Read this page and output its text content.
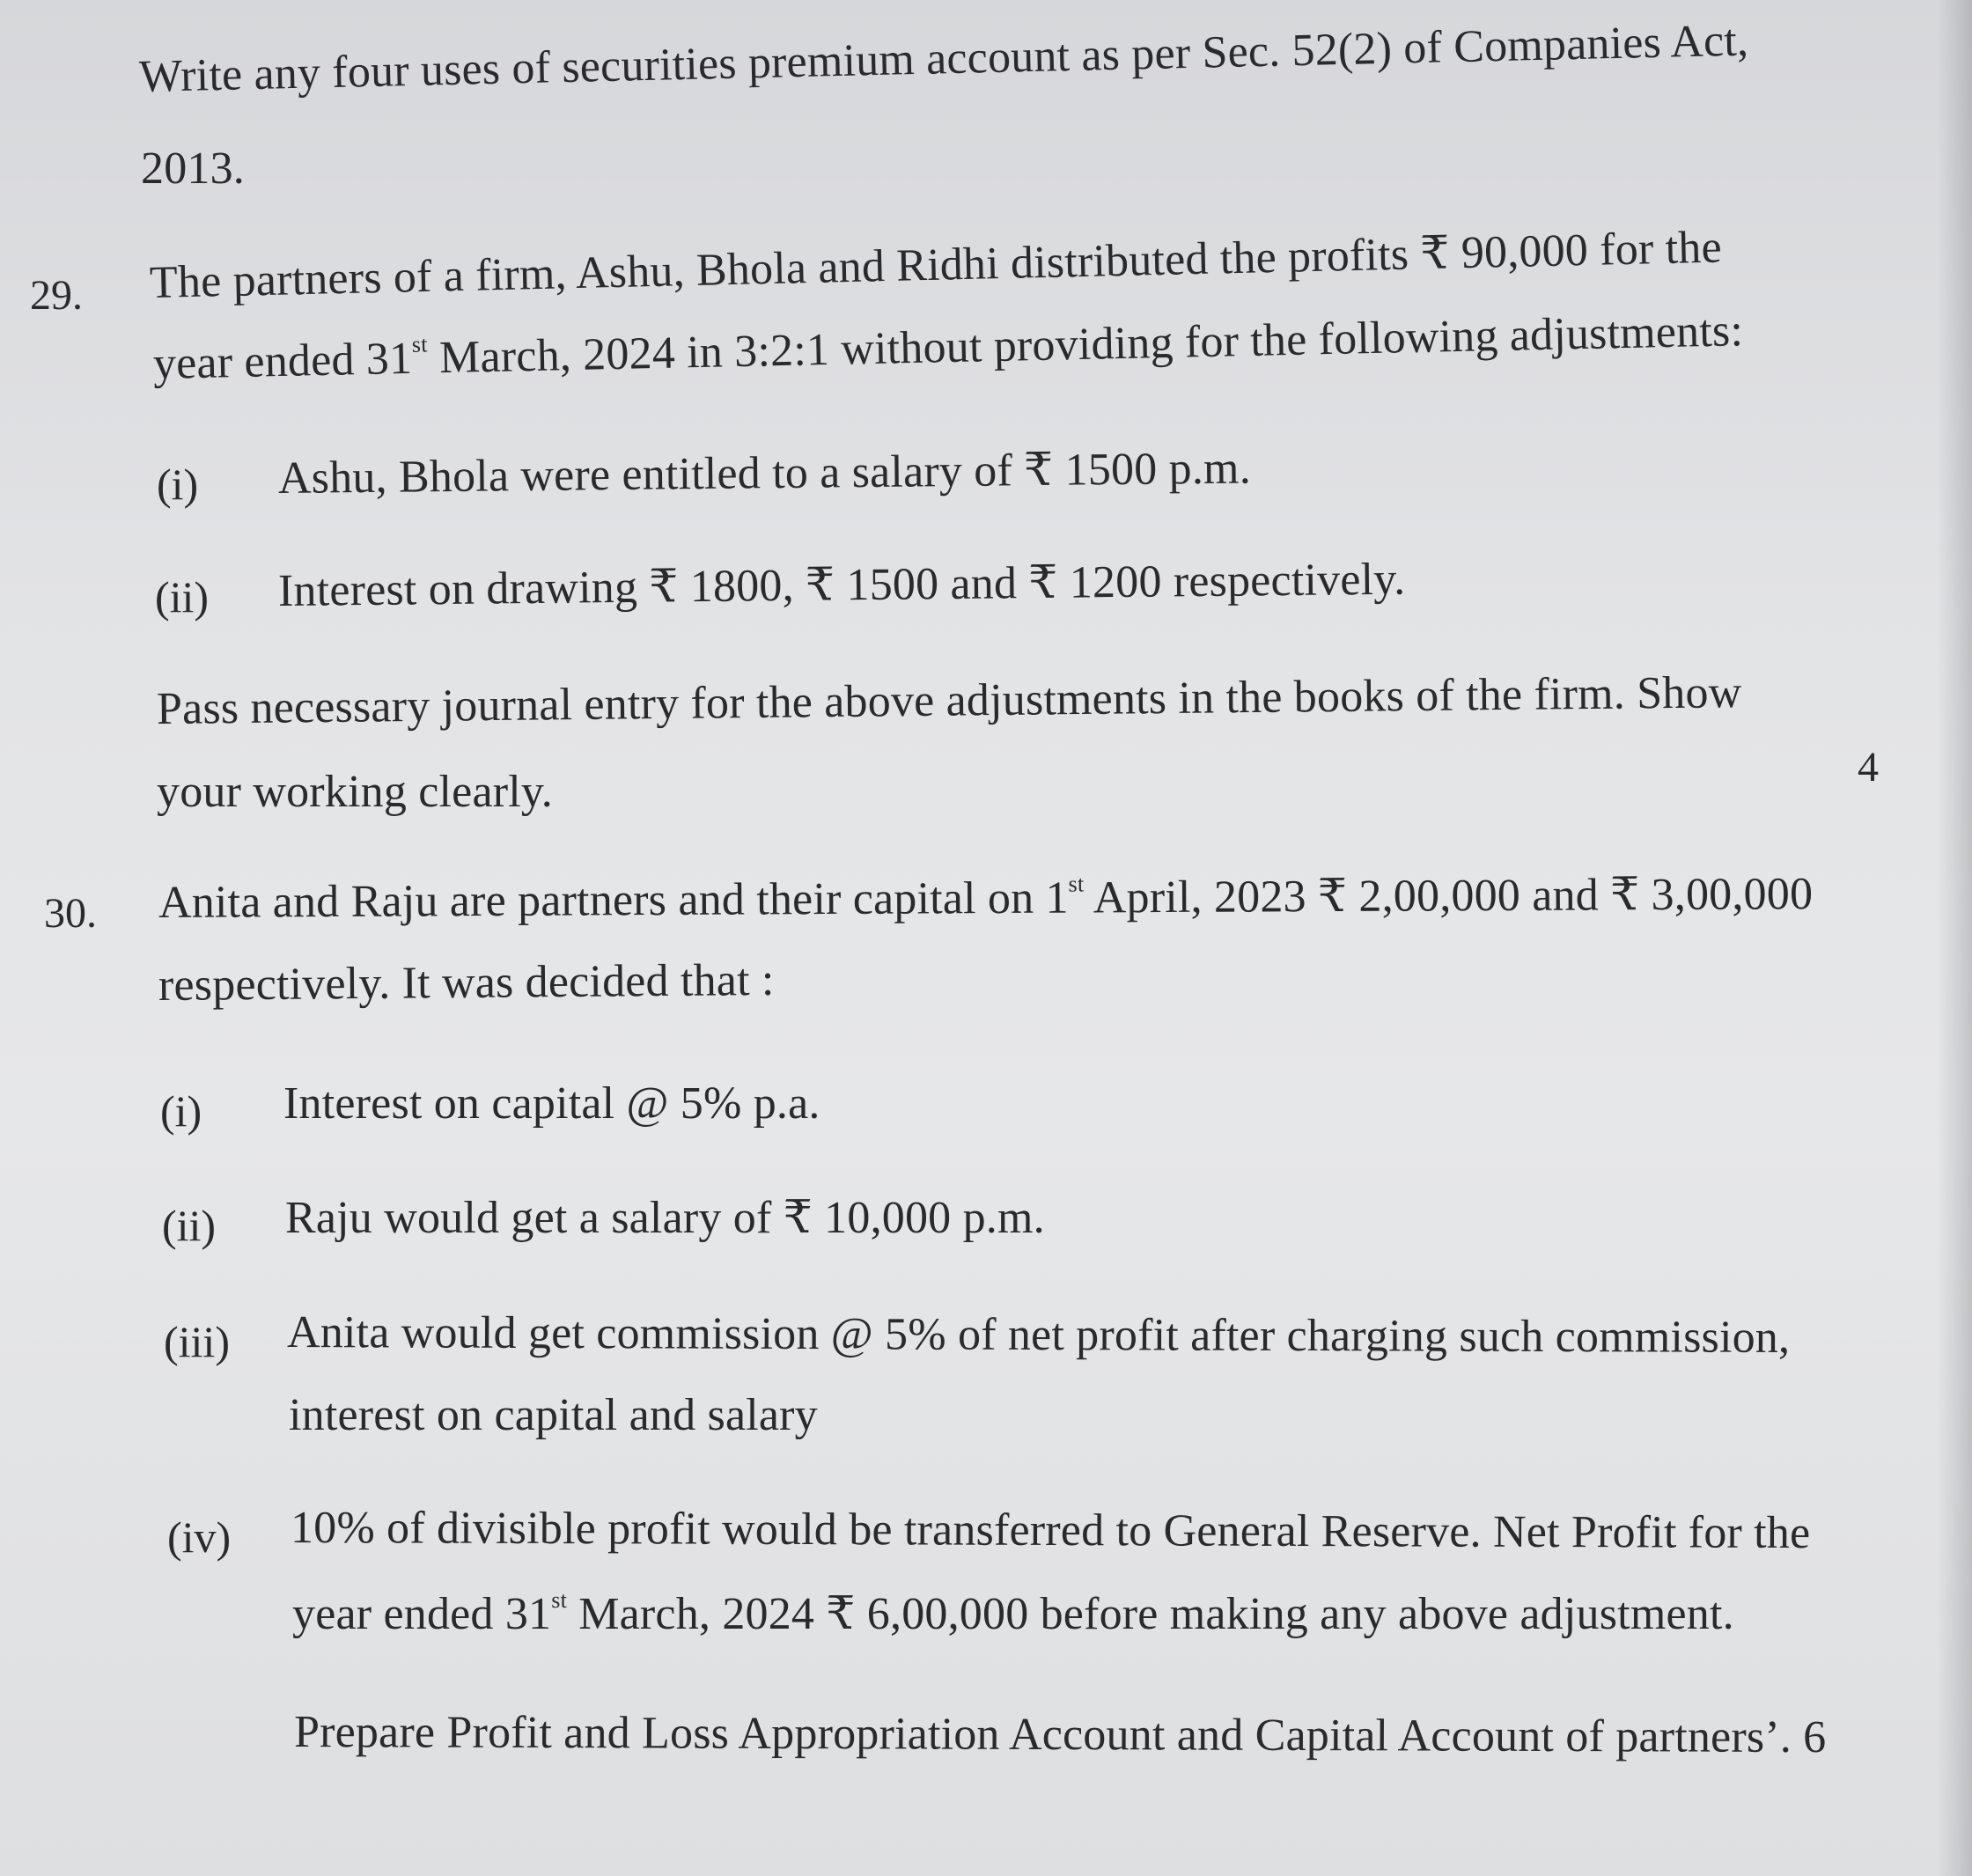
Write any four uses of securities premium account as per Sec. 52(2) of Companies Act,
2013.
29. The partners of a firm, Ashu, Bhola and Ridhi distributed the profits ₹ 90,000 for the
year ended 31st March, 2024 in 3:2:1 without providing for the following adjustments:
(i) Ashu, Bhola were entitled to a salary of ₹ 1500 p.m.
(ii) Interest on drawing ₹ 1800, ₹ 1500 and ₹ 1200 respectively.
Pass necessary journal entry for the above adjustments in the books of the firm. Show
your working clearly.	4
30. Anita and Raju are partners and their capital on 1st April, 2023 ₹ 2,00,000 and ₹ 3,00,000
respectively. It was decided that :
(i) Interest on capital @ 5% p.a.
(ii) Raju would get a salary of ₹ 10,000 p.m.
(iii) Anita would get commission @ 5% of net profit after charging such commission,
interest on capital and salary
(iv) 10% of divisible profit would be transferred to General Reserve. Net Profit for the
year ended 31st March, 2024 ₹ 6,00,000 before making any above adjustment.
Prepare Profit and Loss Appropriation Account and Capital Account of partners’. 6
